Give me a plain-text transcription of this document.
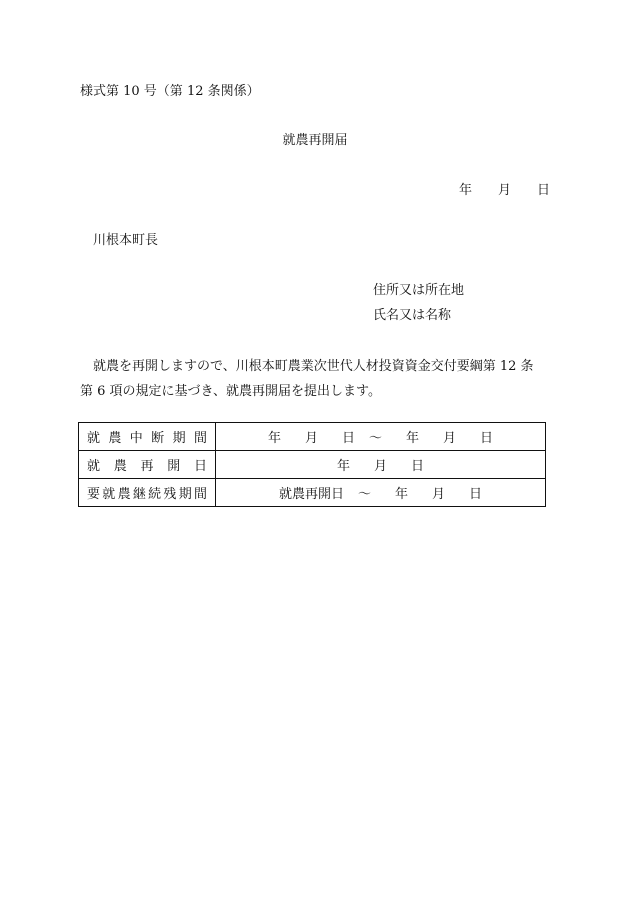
様式第 10 号（第 12 条関係）
就農再開届
年 月 日
川根本町長
住所又は所在地
氏名又は名称
就農を再開しますので、川根本町農業次世代人材投資資金交付要綱第 12 条
第 6 項の規定に基づき、就農再開届を提出します。
就農中断期間	年 月 日 ～ 年 月 日
就農再開日	年 月 日
要就農継続残期間	就農再開日 ～ 年 月 日
